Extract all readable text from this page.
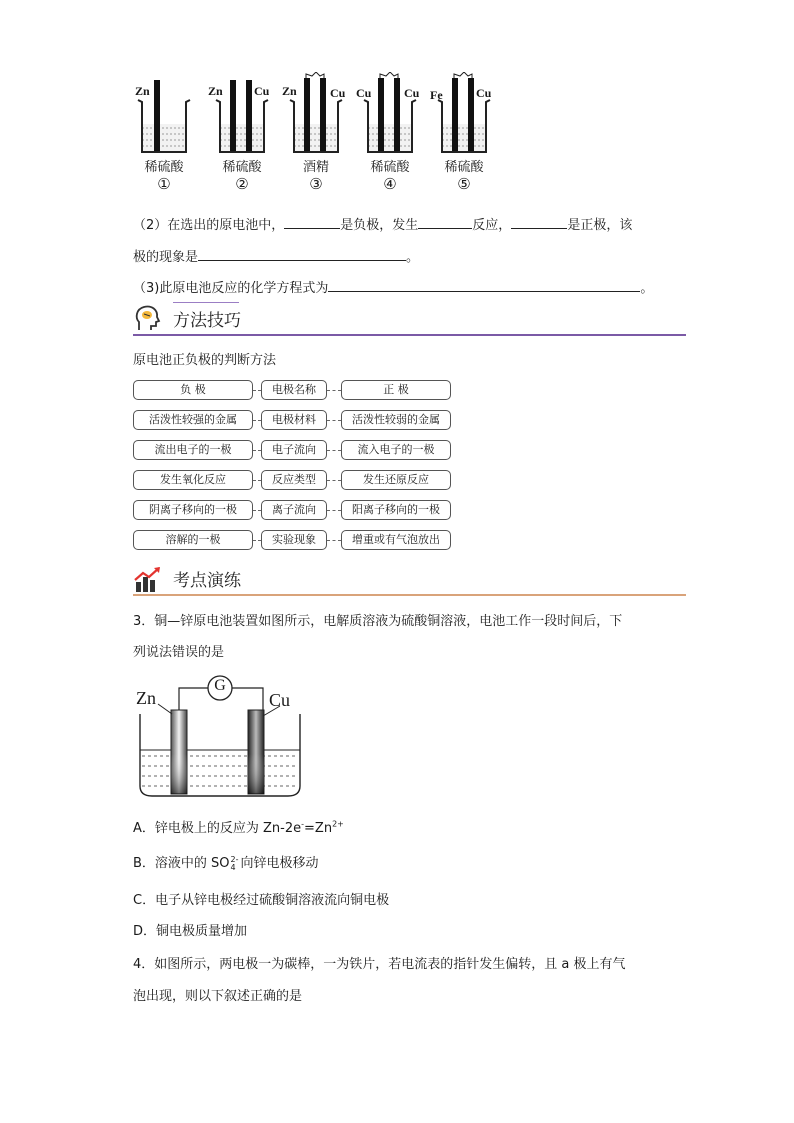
Zn
稀硫酸
①
Zn	Cu
稀硫酸
②
Zn	Cu
酒精
③
Cu	Cu
稀硫酸
④
Fe	Cu
稀硫酸
⑤
（2）在选出的原电池中，	是负极，发生	反应，	是正极，该
极的现象是	。
（3)此原电池反应的化学方程式为	。
方法技巧
原电池正负极的判断方法
负 极	电极名称	正 极
活泼性较强的金属	电极材料	活泼性较弱的金属
流出电子的一极	电子流向	流入电子的一极
发生氧化反应	反应类型	发生还原反应
阴离子移向的一极	离子流向	阳离子移向的一极
溶解的一极	实验现象	增重或有气泡放出
考点演练
3．铜—锌原电池装置如图所示，电解质溶液为硫酸铜溶液，电池工作一段时间后，下
列说法错误的是
Zn	Cu
G
A．锌电极上的反应为 $Zn-2e^-=Zn^{2+}$
B．溶液中的 SO 2-
4 向锌电极移动
C．电子从锌电极经过硫酸铜溶液流向铜电极
D．铜电极质量增加
4．如图所示，两电极一为碳棒，一为铁片，若电流表的指针发生偏转，且 a 极上有气
泡出现，则以下叙述正确的是
